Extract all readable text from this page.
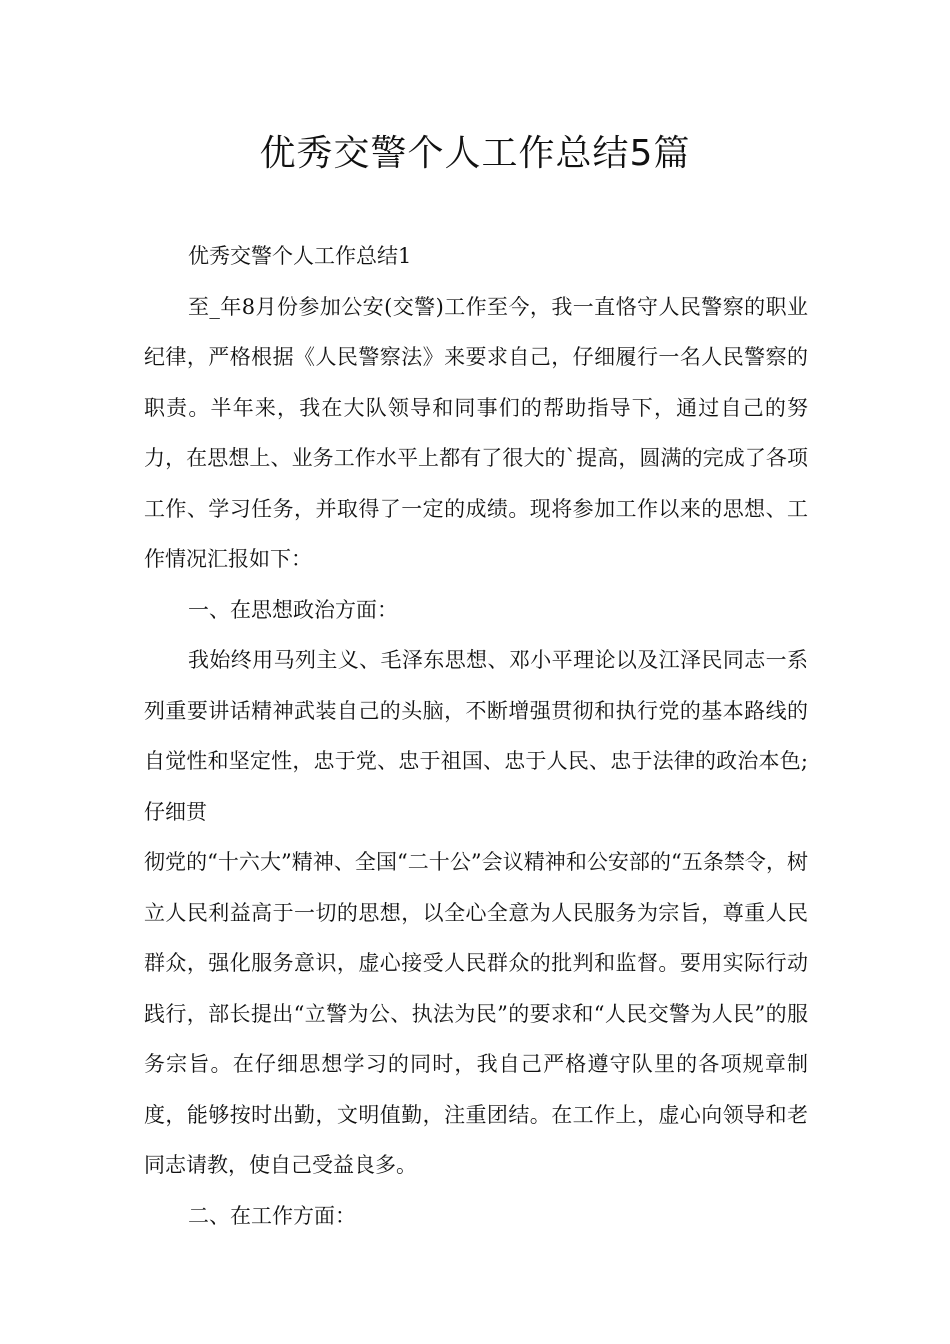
优秀交警个人工作总结5篇

优秀交警个人工作总结1

至_年8月份参加公安(交警)工作至今，我一直恪守人民警察的职业纪律，严格根据《人民警察法》来要求自己，仔细履行一名人民警察的职责。半年来，我在大队领导和同事们的帮助指导下，通过自己的努力，在思想上、业务工作水平上都有了很大的`提高，圆满的完成了各项工作、学习任务，并取得了一定的成绩。现将参加工作以来的思想、工作情况汇报如下：

一、在思想政治方面：

我始终用马列主义、毛泽东思想、邓小平理论以及江泽民同志一系列重要讲话精神武装自己的头脑，不断增强贯彻和执行党的基本路线的自觉性和坚定性，忠于党、忠于祖国、忠于人民、忠于法律的政治本色;仔细贯

彻党的“十六大”精神、全国“二十公”会议精神和公安部的“五条禁令，树立人民利益高于一切的思想，以全心全意为人民服务为宗旨，尊重人民群众，强化服务意识，虚心接受人民群众的批判和监督。要用实际行动践行，部长提出“立警为公、执法为民”的要求和“人民交警为人民”的服务宗旨。在仔细思想学习的同时，我自己严格遵守队里的各项规章制度，能够按时出勤，文明值勤，注重团结。在工作上，虚心向领导和老同志请教，使自己受益良多。

二、在工作方面：
